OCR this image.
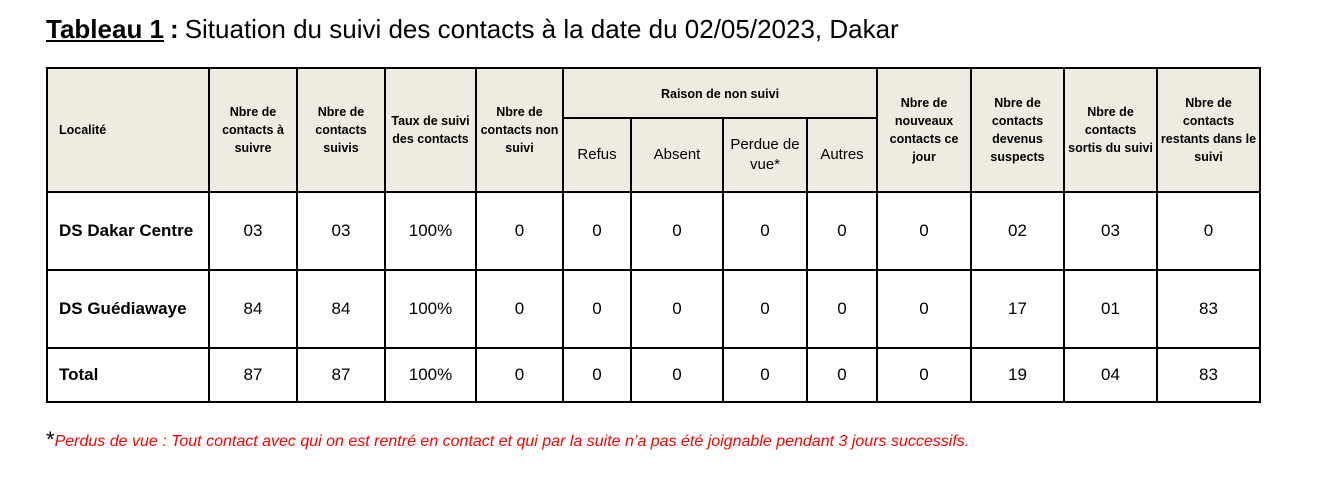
Tableau 1 : Situation du suivi des contacts à la date du 02/05/2023, Dakar
Localité	Nbre de contacts à suivre	Nbre de contacts suivis	Taux de suivi des contacts	Nbre de contacts non suivi	Raison de non suivi				Nbre de nouveaux contacts ce jour	Nbre de contacts devenus suspects	Nbre de contacts sortis du suivi	Nbre de contacts restants dans le suivi
					Refus	Absent	Perdue de vue*	Autres				
DS Dakar Centre	03	03	100%	0	0	0	0	0	0	02	03	0
DS Guédiawaye	84	84	100%	0	0	0	0	0	0	17	01	83
Total	87	87	100%	0	0	0	0	0	0	19	04	83
*Perdus de vue : Tout contact avec qui on est rentré en contact et qui par la suite n’a pas été joignable pendant 3 jours successifs.
